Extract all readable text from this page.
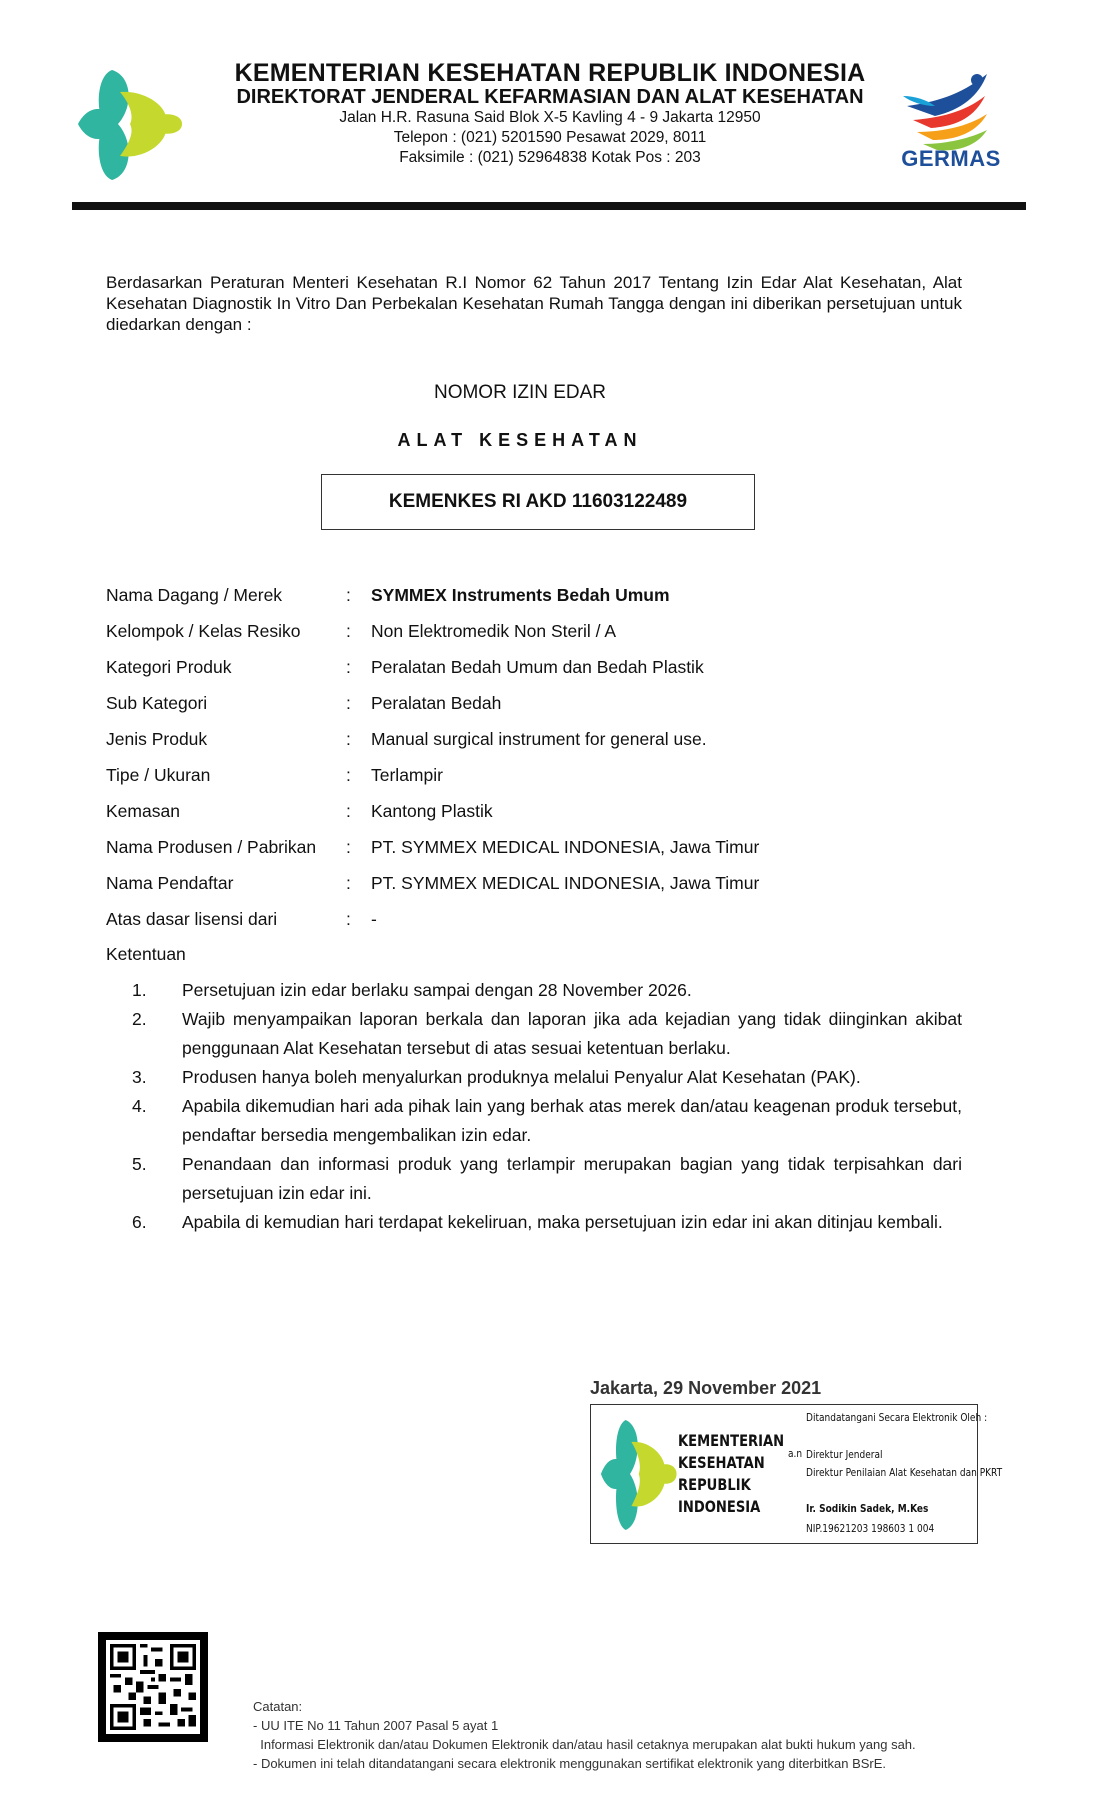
KEMENTERIAN KESEHATAN REPUBLIK INDONESIA
DIREKTORAT JENDERAL KEFARMASIAN DAN ALAT KESEHATAN
Jalan H.R. Rasuna Said Blok X-5 Kavling 4 - 9 Jakarta 12950
Telepon : (021) 5201590 Pesawat 2029, 8011
Faksimile : (021) 52964838 Kotak Pos : 203	GERMAS
Berdasarkan Peraturan Menteri Kesehatan R.I Nomor 62 Tahun 2017 Tentang Izin Edar Alat Kesehatan, Alat Kesehatan Diagnostik In Vitro Dan Perbekalan Kesehatan Rumah Tangga dengan ini diberikan persetujuan untuk diedarkan dengan :
NOMOR IZIN EDAR
ALAT KESEHATAN
KEMENKES RI AKD 11603122489
Nama Dagang / Merek	: SYMMEX Instruments Bedah Umum
Kelompok / Kelas Resiko	: Non Elektromedik Non Steril / A
Kategori Produk	: Peralatan Bedah Umum dan Bedah Plastik
Sub Kategori	: Peralatan Bedah
Jenis Produk	: Manual surgical instrument for general use.
Tipe / Ukuran	: Terlampir
Kemasan	: Kantong Plastik
Nama Produsen / Pabrikan : PT. SYMMEX MEDICAL INDONESIA, Jawa Timur
Nama Pendaftar	: PT. SYMMEX MEDICAL INDONESIA, Jawa Timur
Atas dasar lisensi dari	: -
Ketentuan
1. Persetujuan izin edar berlaku sampai dengan 28 November 2026.
2. Wajib menyampaikan laporan berkala dan laporan jika ada kejadian yang tidak diinginkan akibat penggunaan Alat Kesehatan tersebut di atas sesuai ketentuan berlaku.
3. Produsen hanya boleh menyalurkan produknya melalui Penyalur Alat Kesehatan (PAK).
4. Apabila dikemudian hari ada pihak lain yang berhak atas merek dan/atau keagenan produk tersebut, pendaftar bersedia mengembalikan izin edar.
5. Penandaan dan informasi produk yang terlampir merupakan bagian yang tidak terpisahkan dari persetujuan izin edar ini.
6. Apabila di kemudian hari terdapat kekeliruan, maka persetujuan izin edar ini akan ditinjau kembali.
Jakarta, 29 November 2021
KEMENTERIAN
KESEHATAN
REPUBLIK
INDONESIA
Ditandatangani Secara Elektronik Oleh :
a.n Direktur Jenderal
Direktur Penilaian Alat Kesehatan dan PKRT
Ir. Sodikin Sadek, M.Kes
NIP.19621203 198603 1 004
Catatan:
- UU ITE No 11 Tahun 2007 Pasal 5 ayat 1
Informasi Elektronik dan/atau Dokumen Elektronik dan/atau hasil cetaknya merupakan alat bukti hukum yang sah.
- Dokumen ini telah ditandatangani secara elektronik menggunakan sertifikat elektronik yang diterbitkan BSrE.
